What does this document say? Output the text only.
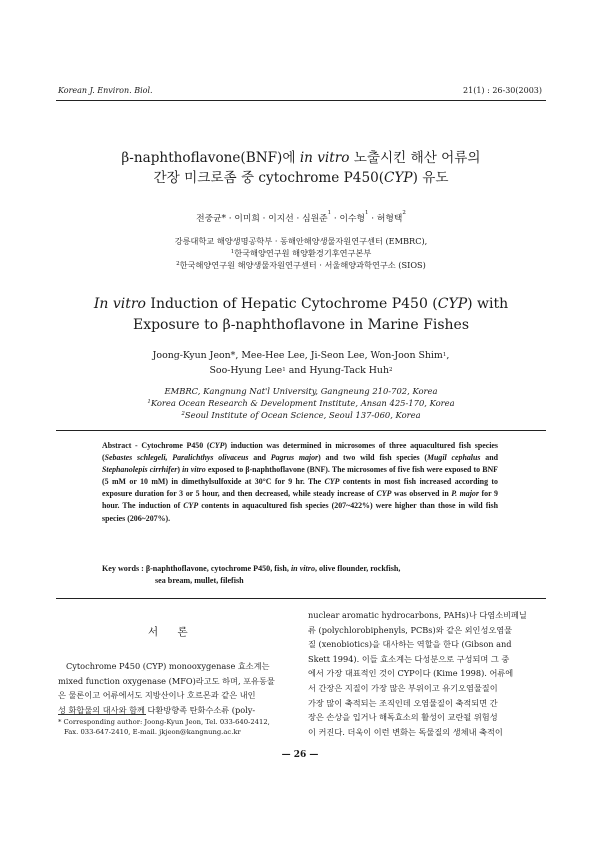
Korean J. Environ. Biol.	21(1) : 26-30(2003)
β-naphthoflavone(BNF)에 in vitro 노출시킨 해산 어류의
간장 미크로좀 중 cytochrome P450(CYP) 유도
전중균* · 이미희 · 이지선 · 심원준$^1$ · 이수형$^1$ · 허형택$^2$
강릉대학교 해양생명공학부 · 동해안해양생물자원연구센터 (EMBRC),
$^1$한국해양연구원 해양환경기후연구본부
$^2$한국해양연구원 해양생물자원연구센터 · 서울해양과학연구소 (SIOS)
In vitro Induction of Hepatic Cytochrome P450 (CYP) with
Exposure to β-naphthoflavone in Marine Fishes
Joong-Kyun Jeon*, Mee-Hee Lee, Ji-Seon Lee, Won-Joon Shim$^1$,
Soo-Hyung Lee$^1$ and Hyung-Tack Huh$^2$
EMBRC, Kangnung Nat'l University, Gangneung 210-702, Korea
$^1$Korea Ocean Research & Development Institute, Ansan 425-170, Korea
$^2$Seoul Institute of Ocean Science, Seoul 137-060, Korea
Abstract - Cytochrome P450 (CYP) induction was determined in microsomes of three aquacultured fish species (Sebastes schlegeli, Paralichthys olivaceus and Pagrus major) and two wild fish species (Mugil cephalus and Stephanolepis cirrhifer) in vitro exposed to β-naphthoflavone (BNF). The microsomes of five fish were exposed to BNF (5 mM or 10 mM) in dimethylsulfoxide at 30°C for 9 hr. The CYP contents in most fish increased according to exposure duration for 3 or 5 hour, and then decreased, while steady increase of CYP was observed in P. major for 9 hour. The induction of CYP contents in aquacultured fish species (207~422%) were higher than those in wild fish species (206~207%).
Key words : β-naphthoflavone, cytochrome P450, fish, in vitro, olive flounder, rockfish,
sea bream, mullet, filefish
서 론
Cytochrome P450 (CYP) monooxygenase 효소계는
mixed function oxygenase (MFO)라고도 하며, 포유동물
은 물론이고 어류에서도 지방산이나 호르몬과 같은 내인
성 화합물의 대사와 함께 다환방향족 탄화수소류 (poly-
* Corresponding author: Joong-Kyun Jeon, Tel. 033-640-2412,
Fax. 033-647-2410, E-mail. jkjeon@kangnung.ac.kr
nuclear aromatic hydrocarbons, PAHs)나 다염소비페닐
류 (polychlorobiphenyls, PCBs)와 같은 외인성오염물
질 (xenobiotics)을 대사하는 역할을 한다 (Gibson and
Skett 1994). 이들 효소계는 다성분으로 구성되며 그 중
에서 가장 대표적인 것이 CYP이다 (Kime 1998). 어류에
서 간장은 지질이 가장 많은 부위이고 유기오염물질이
가장 많이 축적되는 조직인데 오염물질이 축적되면 간
장은 손상을 입거나 해독효소의 활성이 교란될 위험성
이 커진다. 더욱이 이런 변화는 독물질의 생체내 축적이
— 26 —
